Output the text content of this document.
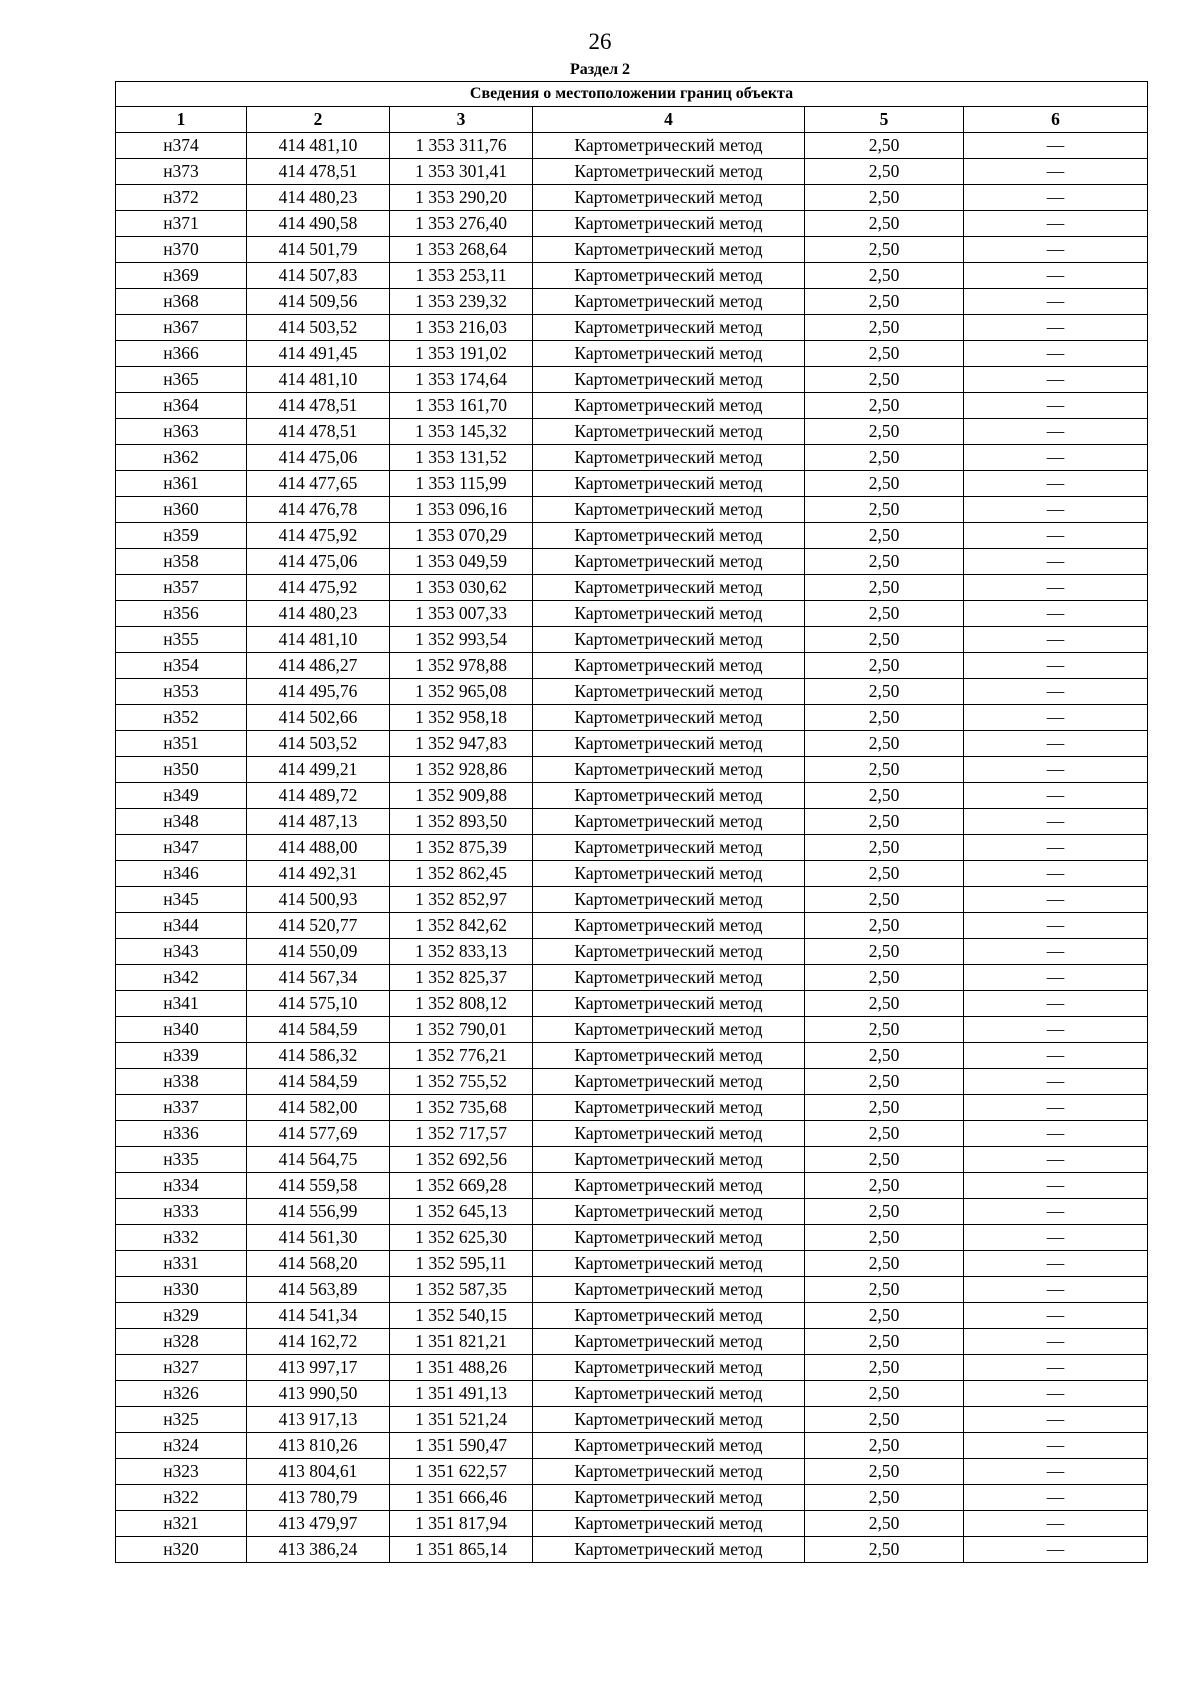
26
Раздел 2
Сведения о местоположении границ объекта					
1	2	3	4	5	6
н374	414 481,10	1 353 311,76	Картометрический метод	2,50	—
н373	414 478,51	1 353 301,41	Картометрический метод	2,50	—
н372	414 480,23	1 353 290,20	Картометрический метод	2,50	—
н371	414 490,58	1 353 276,40	Картометрический метод	2,50	—
н370	414 501,79	1 353 268,64	Картометрический метод	2,50	—
н369	414 507,83	1 353 253,11	Картометрический метод	2,50	—
н368	414 509,56	1 353 239,32	Картометрический метод	2,50	—
н367	414 503,52	1 353 216,03	Картометрический метод	2,50	—
н366	414 491,45	1 353 191,02	Картометрический метод	2,50	—
н365	414 481,10	1 353 174,64	Картометрический метод	2,50	—
н364	414 478,51	1 353 161,70	Картометрический метод	2,50	—
н363	414 478,51	1 353 145,32	Картометрический метод	2,50	—
н362	414 475,06	1 353 131,52	Картометрический метод	2,50	—
н361	414 477,65	1 353 115,99	Картометрический метод	2,50	—
н360	414 476,78	1 353 096,16	Картометрический метод	2,50	—
н359	414 475,92	1 353 070,29	Картометрический метод	2,50	—
н358	414 475,06	1 353 049,59	Картометрический метод	2,50	—
н357	414 475,92	1 353 030,62	Картометрический метод	2,50	—
н356	414 480,23	1 353 007,33	Картометрический метод	2,50	—
н355	414 481,10	1 352 993,54	Картометрический метод	2,50	—
н354	414 486,27	1 352 978,88	Картометрический метод	2,50	—
н353	414 495,76	1 352 965,08	Картометрический метод	2,50	—
н352	414 502,66	1 352 958,18	Картометрический метод	2,50	—
н351	414 503,52	1 352 947,83	Картометрический метод	2,50	—
н350	414 499,21	1 352 928,86	Картометрический метод	2,50	—
н349	414 489,72	1 352 909,88	Картометрический метод	2,50	—
н348	414 487,13	1 352 893,50	Картометрический метод	2,50	—
н347	414 488,00	1 352 875,39	Картометрический метод	2,50	—
н346	414 492,31	1 352 862,45	Картометрический метод	2,50	—
н345	414 500,93	1 352 852,97	Картометрический метод	2,50	—
н344	414 520,77	1 352 842,62	Картометрический метод	2,50	—
н343	414 550,09	1 352 833,13	Картометрический метод	2,50	—
н342	414 567,34	1 352 825,37	Картометрический метод	2,50	—
н341	414 575,10	1 352 808,12	Картометрический метод	2,50	—
н340	414 584,59	1 352 790,01	Картометрический метод	2,50	—
н339	414 586,32	1 352 776,21	Картометрический метод	2,50	—
н338	414 584,59	1 352 755,52	Картометрический метод	2,50	—
н337	414 582,00	1 352 735,68	Картометрический метод	2,50	—
н336	414 577,69	1 352 717,57	Картометрический метод	2,50	—
н335	414 564,75	1 352 692,56	Картометрический метод	2,50	—
н334	414 559,58	1 352 669,28	Картометрический метод	2,50	—
н333	414 556,99	1 352 645,13	Картометрический метод	2,50	—
н332	414 561,30	1 352 625,30	Картометрический метод	2,50	—
н331	414 568,20	1 352 595,11	Картометрический метод	2,50	—
н330	414 563,89	1 352 587,35	Картометрический метод	2,50	—
н329	414 541,34	1 352 540,15	Картометрический метод	2,50	—
н328	414 162,72	1 351 821,21	Картометрический метод	2,50	—
н327	413 997,17	1 351 488,26	Картометрический метод	2,50	—
н326	413 990,50	1 351 491,13	Картометрический метод	2,50	—
н325	413 917,13	1 351 521,24	Картометрический метод	2,50	—
н324	413 810,26	1 351 590,47	Картометрический метод	2,50	—
н323	413 804,61	1 351 622,57	Картометрический метод	2,50	—
н322	413 780,79	1 351 666,46	Картометрический метод	2,50	—
н321	413 479,97	1 351 817,94	Картометрический метод	2,50	—
н320	413 386,24	1 351 865,14	Картометрический метод	2,50	—
